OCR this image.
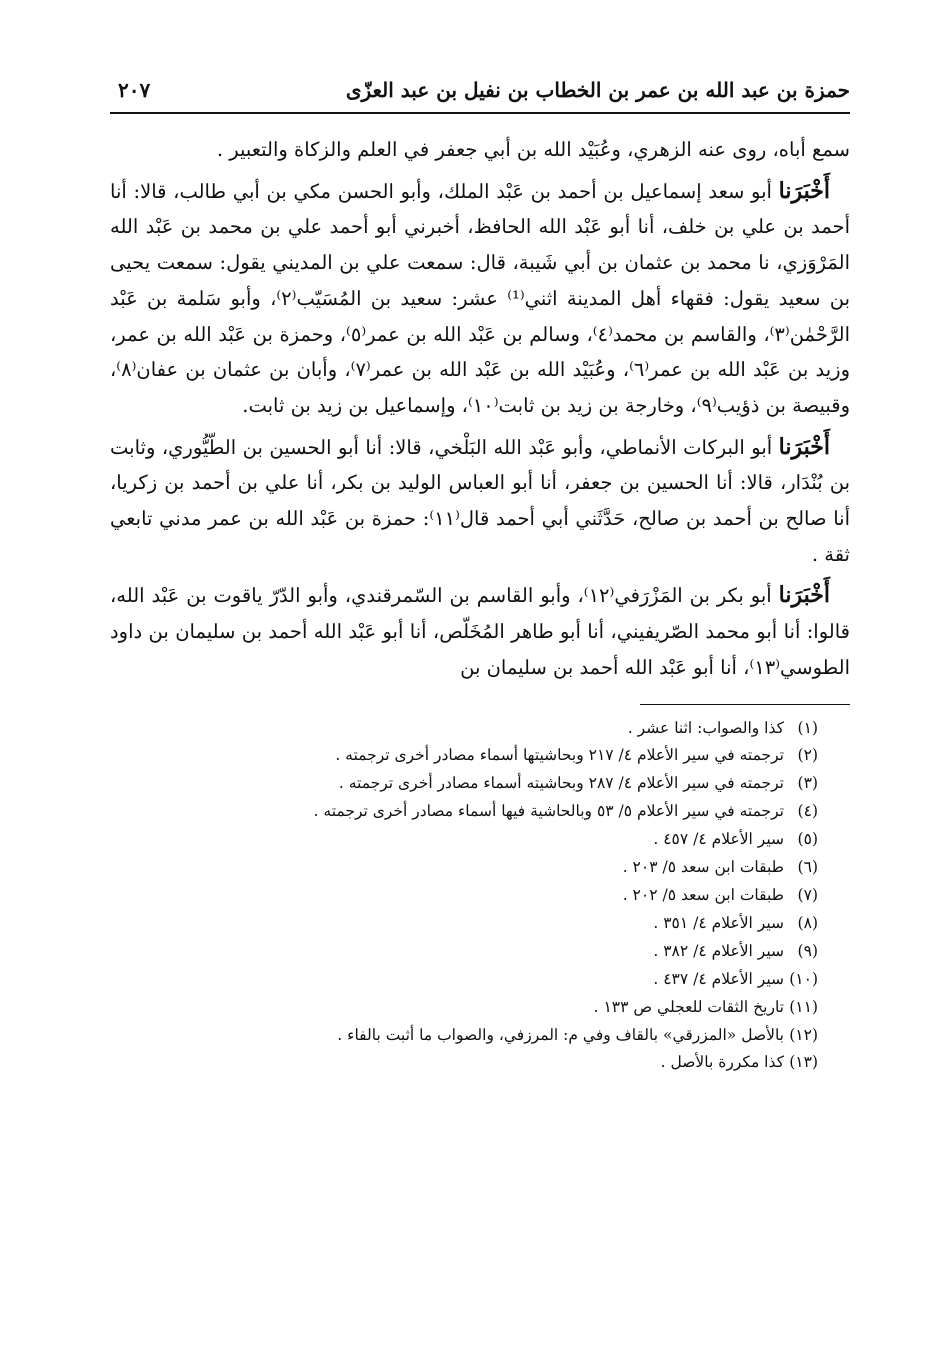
حمزة بن عبد الله بن عمر بن الخطاب بن نفيل بن عبد العزّى
٢٠٧

سمع أباه، روى عنه الزهري، وعُبَيْد الله بن أبي جعفر في العلم والزكاة والتعبير .

أَخْبَرَنا أبو سعد إسماعيل بن أحمد بن عَبْد الملك، وأبو الحسن مكي بن أبي طالب، قالا: أنا أحمد بن علي بن خلف، أنا أبو عَبْد الله الحافظ، أخبرني أبو أحمد علي بن محمد بن عَبْد الله المَرْوَزي، نا محمد بن عثمان بن أبي شَيبة، قال: سمعت علي بن المديني يقول: سمعت يحيى بن سعيد يقول: فقهاء أهل المدينة اثني⁽¹⁾ عشر: سعيد بن المُسَيّب⁽٢⁾، وأبو سَلمة بن عَبْد الرَّحْمٰن⁽٣⁾، والقاسم بن محمد⁽٤⁾، وسالم بن عَبْد الله بن عمر⁽٥⁾، وحمزة بن عَبْد الله بن عمر، وزيد بن عَبْد الله بن عمر⁽٦⁾، وعُبَيْد الله بن عَبْد الله بن عمر⁽٧⁾، وأبان بن عثمان بن عفان⁽٨⁾، وقبيصة بن ذؤيب⁽٩⁾، وخارجة بن زيد بن ثابت⁽١٠⁾، وإسماعيل بن زيد بن ثابت.

أَخْبَرَنا أبو البركات الأنماطي، وأبو عَبْد الله البَلْخي، قالا: أنا أبو الحسين بن الطّيُّوري، وثابت بن بُنْدَار، قالا: أنا الحسين بن جعفر، أنا أبو العباس الوليد بن بكر، أنا علي بن أحمد بن زكريا، أنا صالح بن أحمد بن صالح، حَدَّثَني أبي أحمد قال⁽١١⁾: حمزة بن عَبْد الله بن عمر مدني تابعي ثقة .

أَخْبَرَنا أبو بكر بن المَزْرَفي⁽١٢⁾، وأبو القاسم بن السّمرقندي، وأبو الدّرّ ياقوت بن عَبْد الله، قالوا: أنا أبو محمد الصّريفيني، أنا أبو طاهر المُخَلّص، أنا أبو عَبْد الله أحمد بن سليمان بن داود الطوسي⁽١٣⁾، أنا أبو عَبْد الله أحمد بن سليمان بن

(١)كذا والصواب: اثنا عشر .
(٢)ترجمته في سير الأعلام ٤/ ٢١٧ وبحاشيتها أسماء مصادر أخرى ترجمته .
(٣)ترجمته في سير الأعلام ٤/ ٢٨٧ وبحاشيته أسماء مصادر أخرى ترجمته .
(٤)ترجمته في سير الأعلام ٥/ ٥٣ وبالحاشية فيها أسماء مصادر أخرى ترجمته .
(٥)سير الأعلام ٤/ ٤٥٧ .
(٦)طبقات ابن سعد ٥/ ٢٠٣ .
(٧)طبقات ابن سعد ٥/ ٢٠٢ .
(٨)سير الأعلام ٤/ ٣٥١ .
(٩)سير الأعلام ٤/ ٣٨٢ .
(١٠)سير الأعلام ٤/ ٤٣٧ .
(١١)تاريخ الثقات للعجلي ص ١٣٣ .
(١٢)بالأصل «المزرقي» بالقاف وفي م: المرزفي، والصواب ما أثبت بالفاء .
(١٣)كذا مكررة بالأصل .
